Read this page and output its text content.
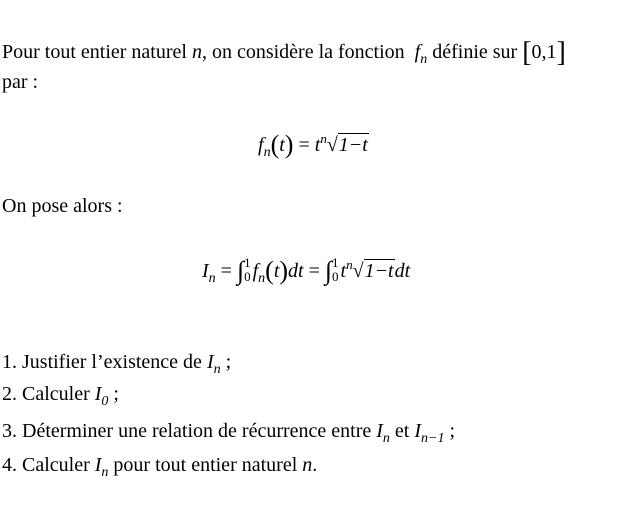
Pour tout entier naturel n, on considère la fonction  $f_n$ définie sur [0,1]
par :
$f_n(t) = t^n√1-t$
On pose alors :
$I_n$ = ∫ 1
0 $f_n(t)dt$ = ∫ 1
0 $t^n√1-tdt$
1. Justifier l’existence de $I_n$ ;
2. Calculer $I_0$ ;
3. Déterminer une relation de récurrence entre $I_n$ et $I_{n-1}$ ;
4. Calculer $I_n$ pour tout entier naturel n.
